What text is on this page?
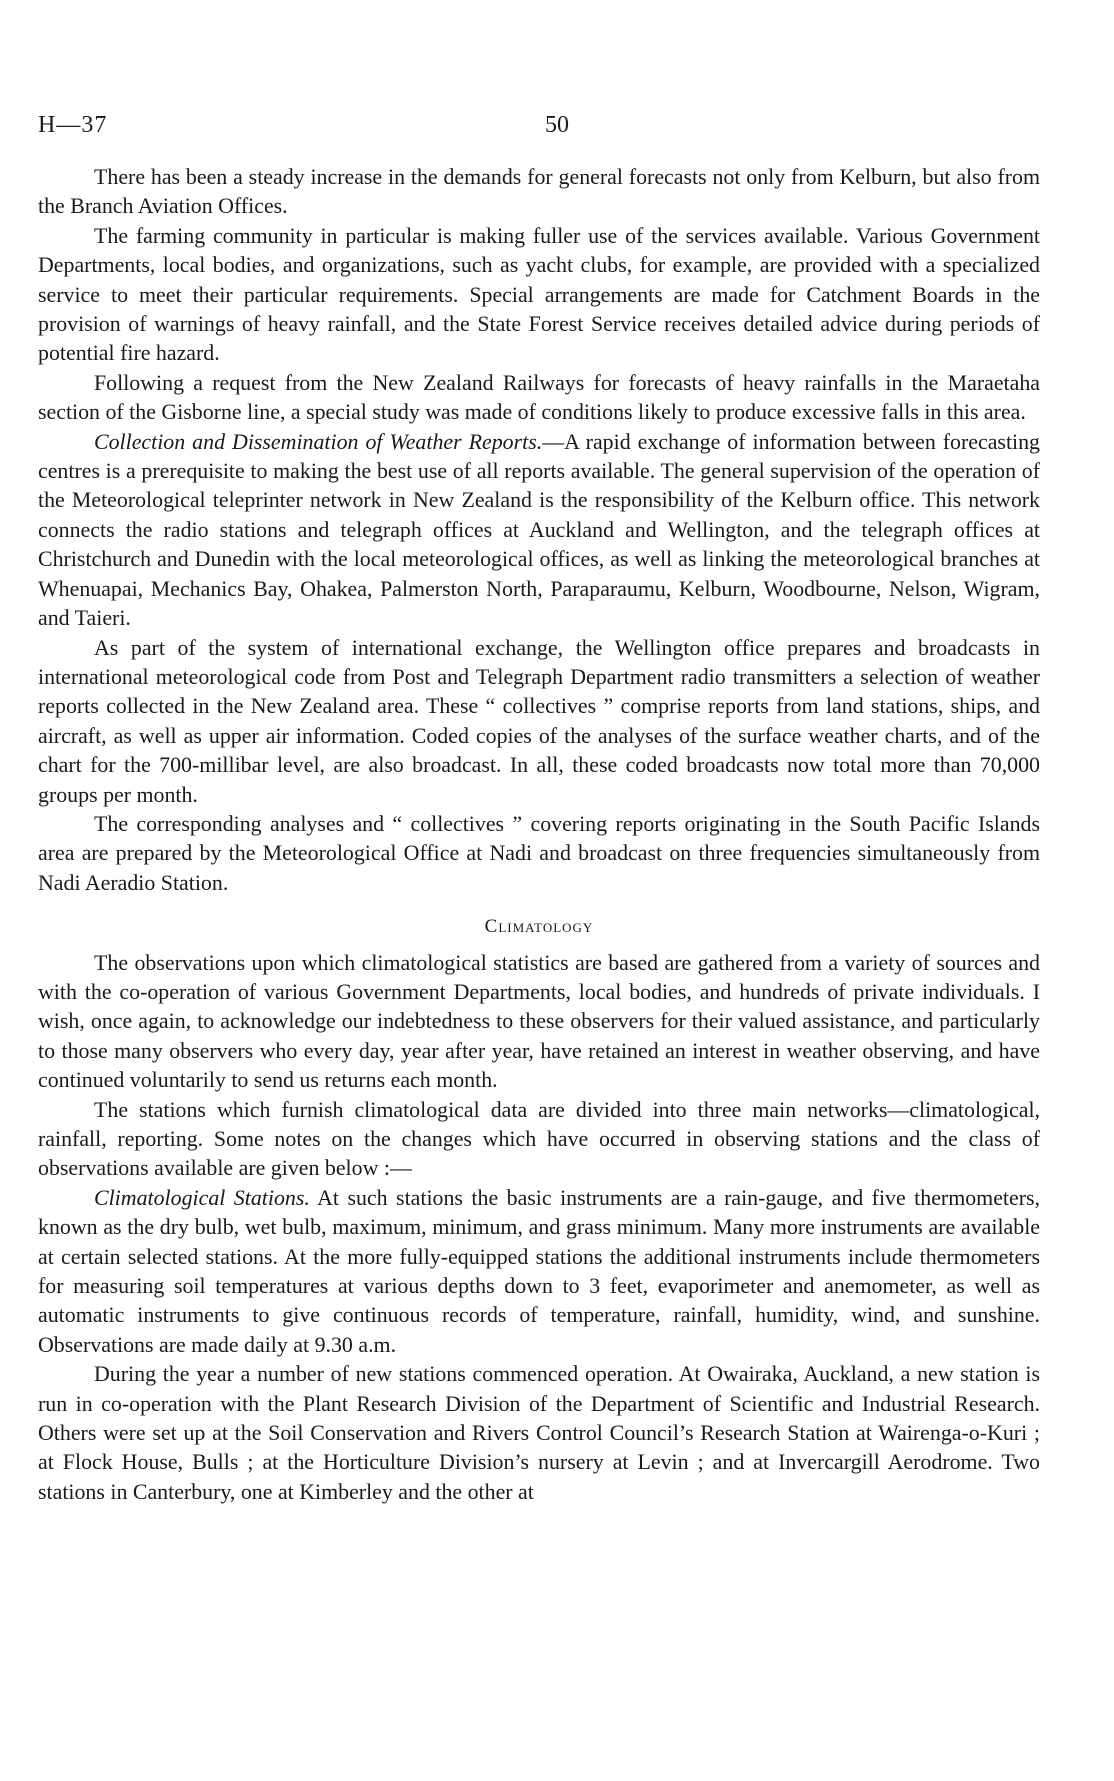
H—37	50

There has been a steady increase in the demands for general forecasts not only from Kelburn, but also from the Branch Aviation Offices.

The farming community in particular is making fuller use of the services available. Various Government Departments, local bodies, and organizations, such as yacht clubs, for example, are provided with a specialized service to meet their particular requirements. Special arrangements are made for Catchment Boards in the provision of warnings of heavy rainfall, and the State Forest Service receives detailed advice during periods of potential fire hazard.

Following a request from the New Zealand Railways for forecasts of heavy rainfalls in the Maraetaha section of the Gisborne line, a special study was made of conditions likely to produce excessive falls in this area.

Collection and Dissemination of Weather Reports.—A rapid exchange of information between forecasting centres is a prerequisite to making the best use of all reports available. The general supervision of the operation of the Meteorological teleprinter network in New Zealand is the responsibility of the Kelburn office. This network connects the radio stations and telegraph offices at Auckland and Wellington, and the telegraph offices at Christchurch and Dunedin with the local meteorological offices, as well as linking the meteorological branches at Whenuapai, Mechanics Bay, Ohakea, Palmerston North, Paraparaumu, Kelburn, Woodbourne, Nelson, Wigram, and Taieri.

As part of the system of international exchange, the Wellington office prepares and broadcasts in international meteorological code from Post and Telegraph Department radio transmitters a selection of weather reports collected in the New Zealand area. These “ collectives ” comprise reports from land stations, ships, and aircraft, as well as upper air information. Coded copies of the analyses of the surface weather charts, and of the chart for the 700-millibar level, are also broadcast. In all, these coded broadcasts now total more than 70,000 groups per month.

The corresponding analyses and “ collectives ” covering reports originating in the South Pacific Islands area are prepared by the Meteorological Office at Nadi and broadcast on three frequencies simultaneously from Nadi Aeradio Station.

Climatology

The observations upon which climatological statistics are based are gathered from a variety of sources and with the co-operation of various Government Departments, local bodies, and hundreds of private individuals. I wish, once again, to acknowledge our indebtedness to these observers for their valued assistance, and particularly to those many observers who every day, year after year, have retained an interest in weather observing, and have continued voluntarily to send us returns each month.

The stations which furnish climatological data are divided into three main networks—climatological, rainfall, reporting. Some notes on the changes which have occurred in observing stations and the class of observations available are given below :—

Climatological Stations. At such stations the basic instruments are a rain-gauge, and five thermometers, known as the dry bulb, wet bulb, maximum, minimum, and grass minimum. Many more instruments are available at certain selected stations. At the more fully-equipped stations the additional instruments include thermometers for measuring soil temperatures at various depths down to 3 feet, evaporimeter and anemometer, as well as automatic instruments to give continuous records of temperature, rainfall, humidity, wind, and sunshine. Observations are made daily at 9.30 a.m.

During the year a number of new stations commenced operation. At Owairaka, Auckland, a new station is run in co-operation with the Plant Research Division of the Department of Scientific and Industrial Research. Others were set up at the Soil Conservation and Rivers Control Council’s Research Station at Wairenga-o-Kuri ; at Flock House, Bulls ; at the Horticulture Division’s nursery at Levin ; and at Invercargill Aerodrome. Two stations in Canterbury, one at Kimberley and the other at
